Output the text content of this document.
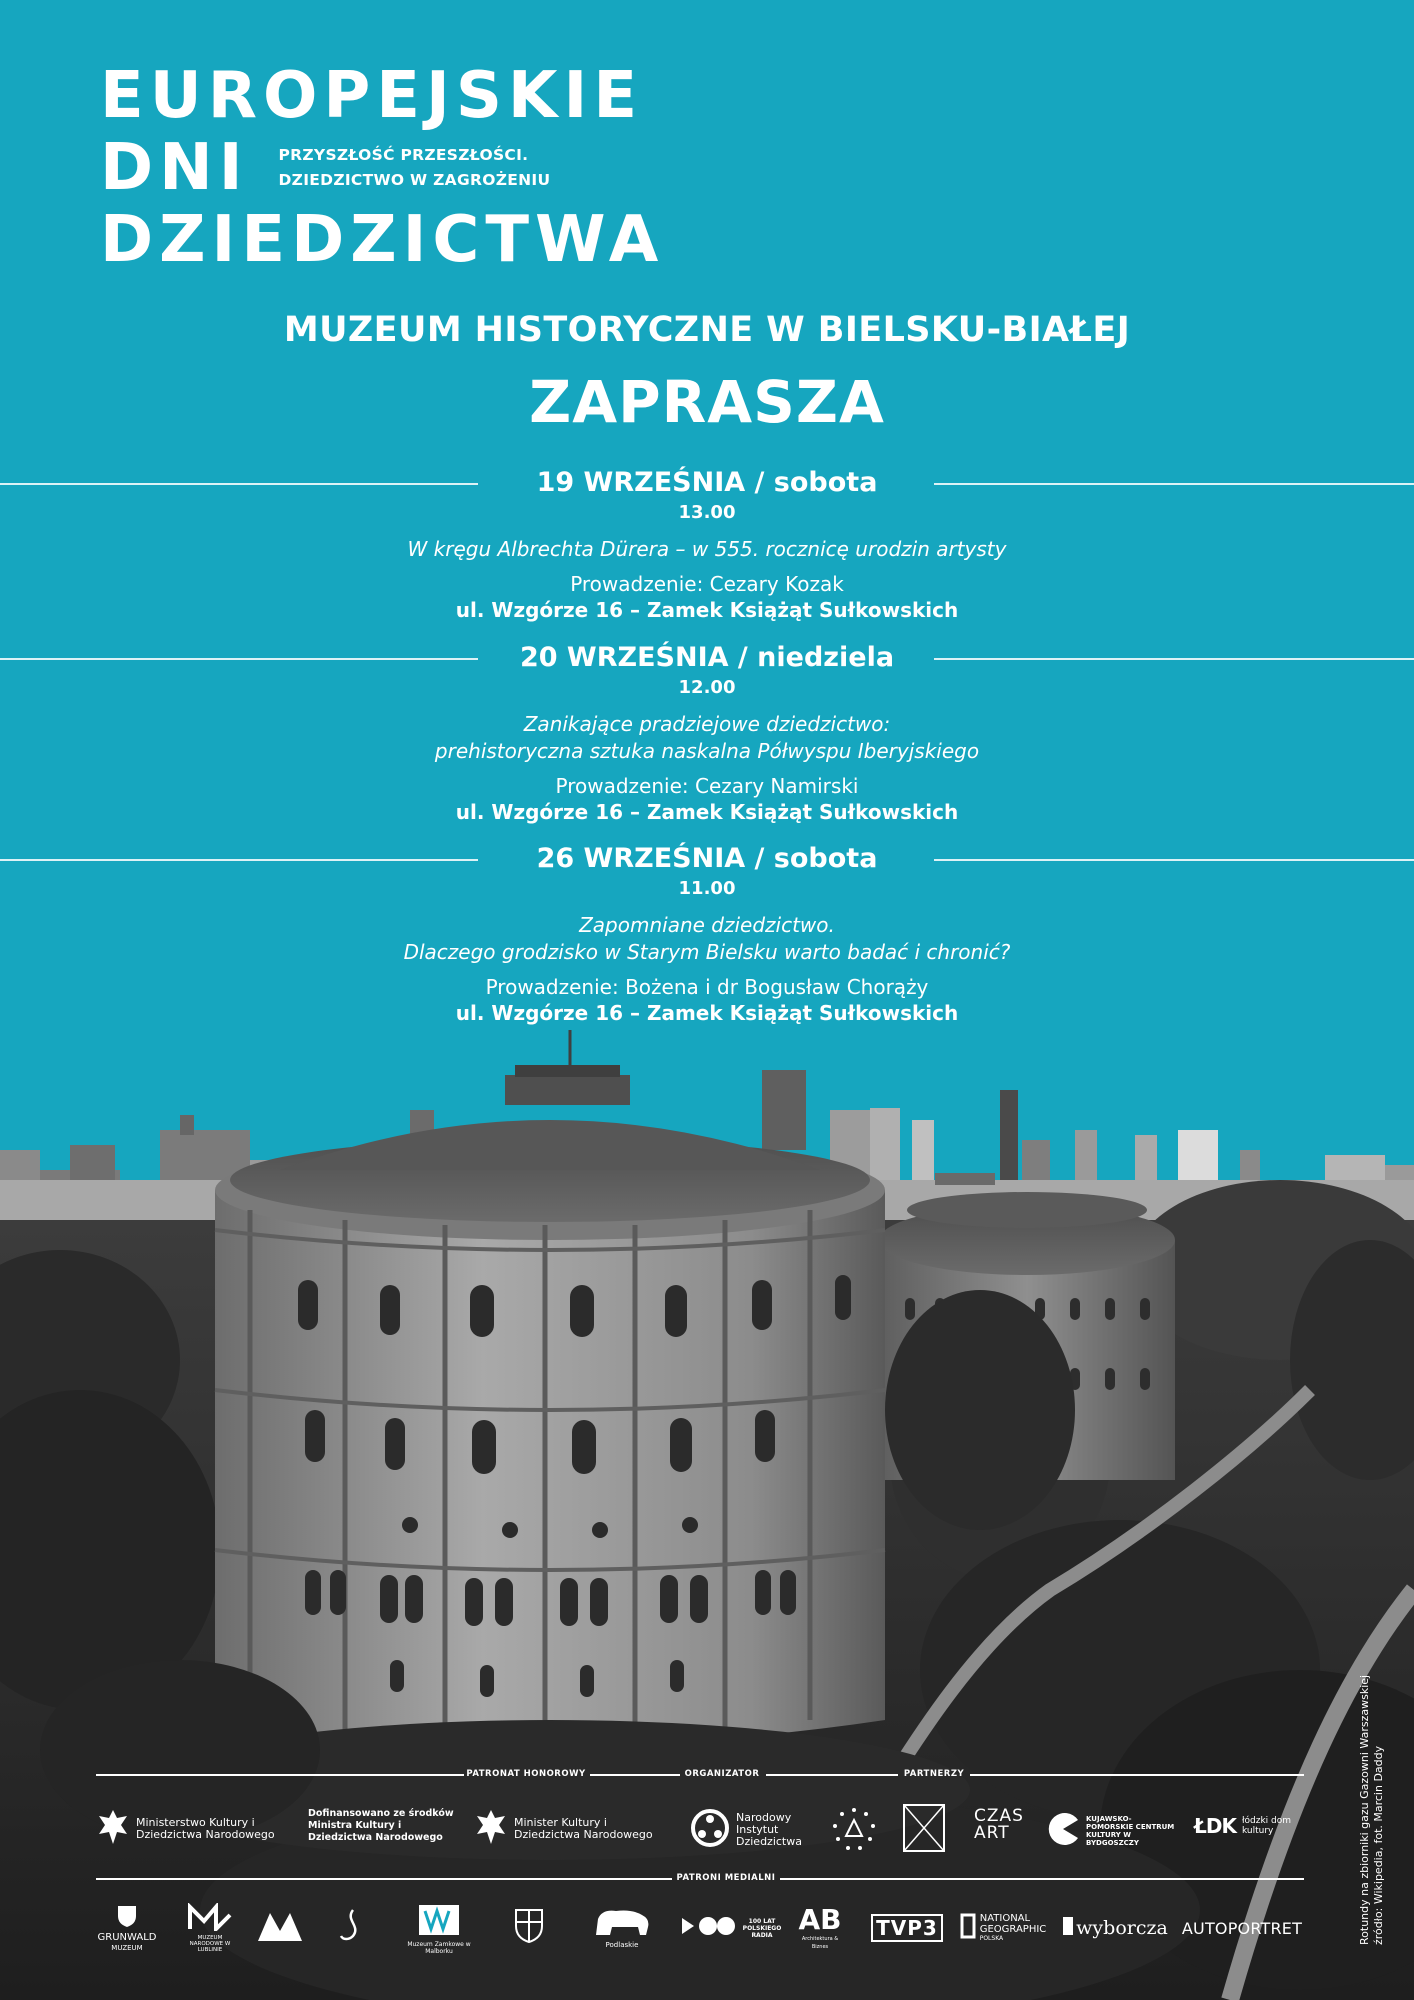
EUROPEJSKIE
DNI PRZYSZŁOŚĆ PRZESZŁOŚCI.
DZIEDZICTWO W ZAGROŻENIU
DZIEDZICTWA
MUZEUM HISTORYCZNE W BIELSKU-BIAŁEJ
ZAPRASZA
19 WRZEŚNIA / sobota
13.00
W kręgu Albrechta Dürera – w 555. rocznicę urodzin artysty
Prowadzenie: Cezary Kozak
ul. Wzgórze 16 – Zamek Książąt Sułkowskich
20 WRZEŚNIA / niedziela
12.00
Zanikające pradziejowe dziedzictwo:
prehistoryczna sztuka naskalna Półwyspu Iberyjskiego
Prowadzenie: Cezary Namirski
ul. Wzgórze 16 – Zamek Książąt Sułkowskich
26 WRZEŚNIA / sobota
11.00
Zapomniane dziedzictwo.
Dlaczego grodzisko w Starym Bielsku warto badać i chronić?
Prowadzenie: Bożena i dr Bogusław Chorąży
ul. Wzgórze 16 – Zamek Książąt Sułkowskich
Rotundy na zbiorniki gazu Gazowni Warszawskiej źródło: Wikipedia, fot. Marcin Daddy
PATRONAT HONOROWY	ORGANIZATOR	PARTNERZY
Ministerstwo Kultury i Dziedzictwa Narodowego
Dofinansowano ze środków Ministra Kultury i Dziedzictwa Narodowego
Minister Kultury i Dziedzictwa Narodowego
Narodowy Instytut Dziedzictwa
CZAS ART
KUJAWSKO-POMORSKIE CENTRUM KULTURY W BYDGOSZCZY
ŁDK łódzki dom kultury
PATRONI MEDIALNI
GRUNWALD
MUZEUM
MUZEUM NARODOWE W LUBLINIE
Muzeum Zamkowe w Malborku
Podlaskie
100 LAT POLSKIEGO RADIA AB
Architektura & Biznes
TVP3	NATIONAL GEOGRAPHIC
POLSKA	wyborcza AUTOPORTRET
